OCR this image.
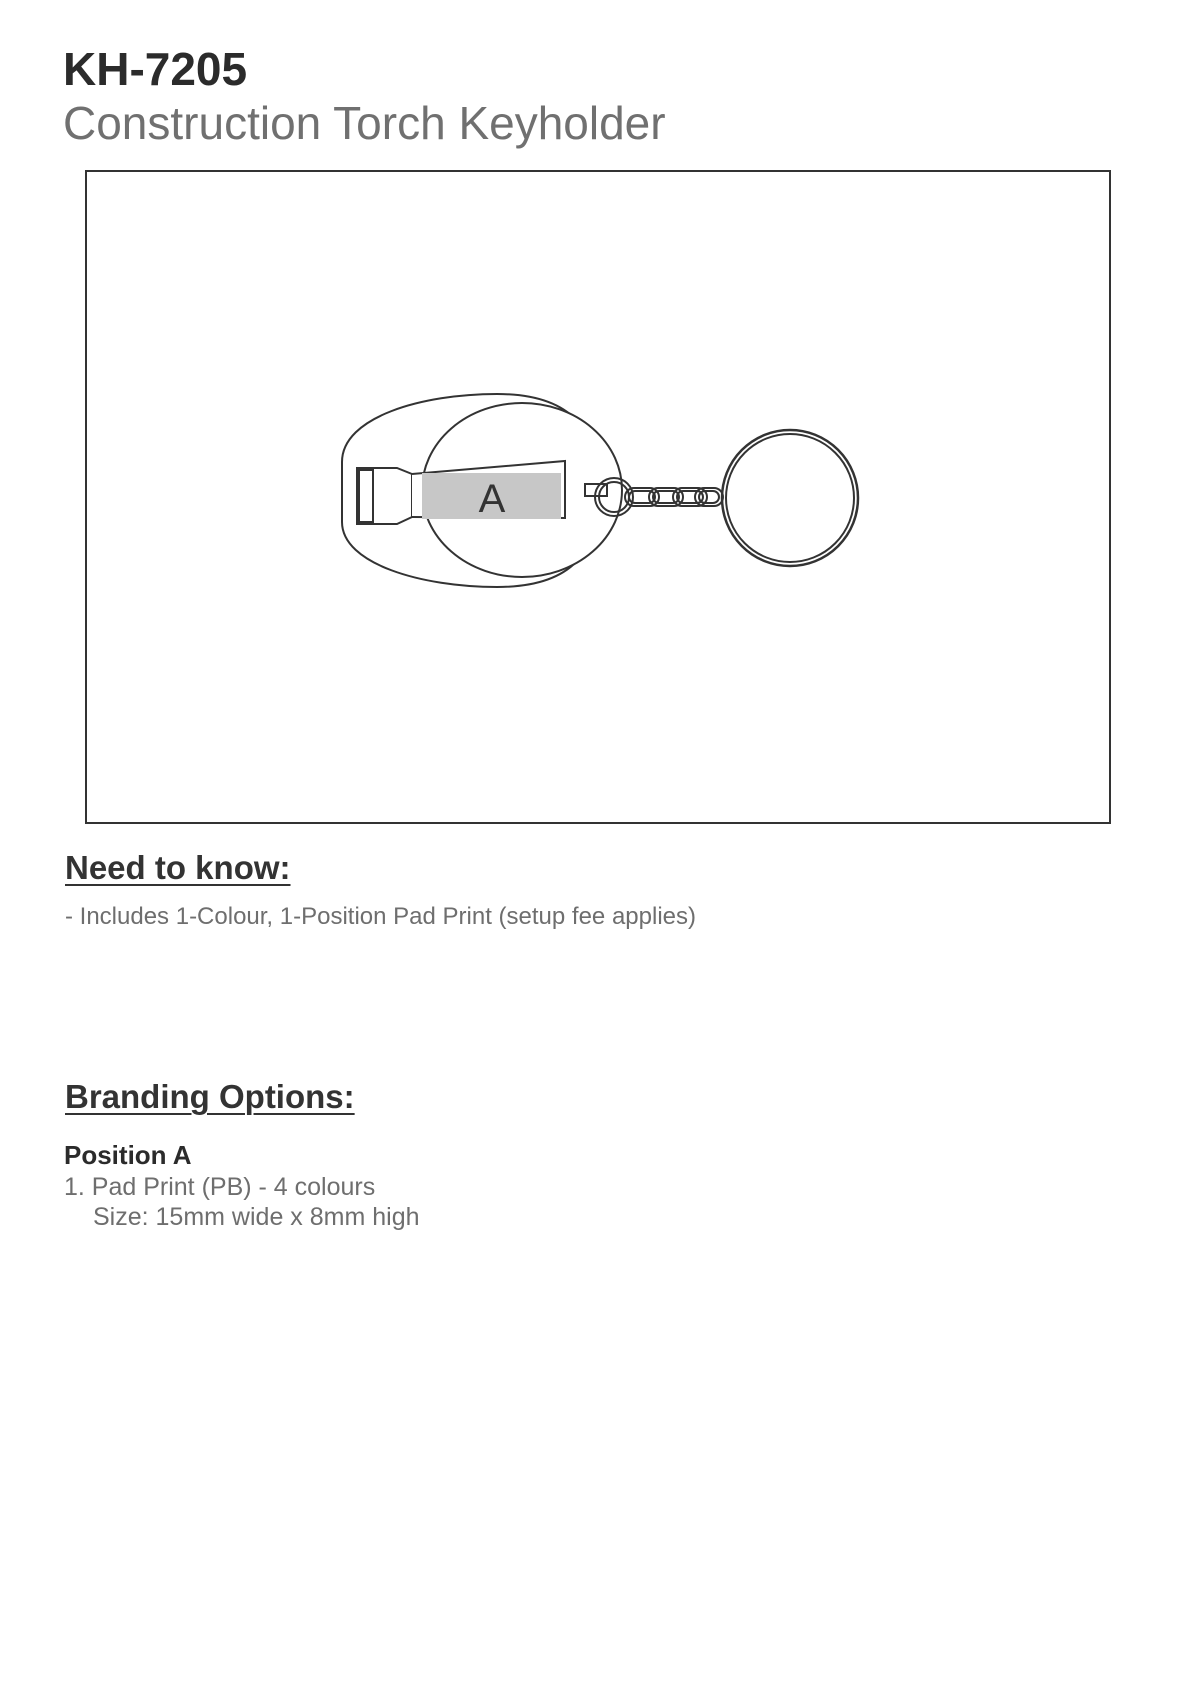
KH-7205
Construction Torch Keyholder
A
Need to know:

- Includes 1-Colour, 1-Position Pad Print (setup fee applies)

Branding Options:

Position A

1. Pad Print (PB) - 4 colours

Size: 15mm wide x 8mm high
